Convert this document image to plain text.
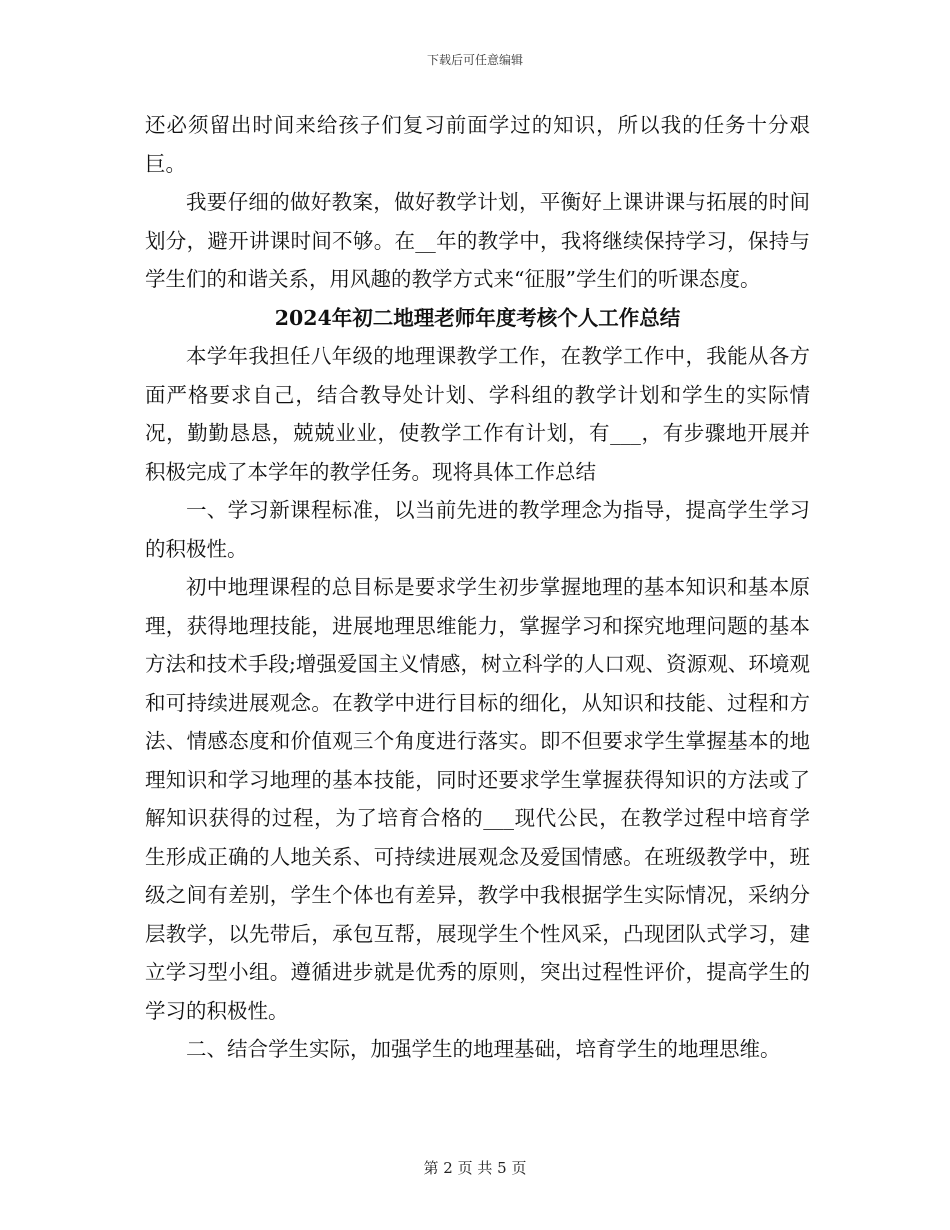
下载后可任意编辑

还必须留出时间来给孩子们复习前面学过的知识，所以我的任务十分艰巨。

我要仔细的做好教案，做好教学计划，平衡好上课讲课与拓展的时间划分，避开讲课时间不够。在__年的教学中，我将继续保持学习，保持与学生们的和谐关系，用风趣的教学方式来“征服”学生们的听课态度。

2024年初二地理老师年度考核个人工作总结

本学年我担任八年级的地理课教学工作，在教学工作中，我能从各方面严格要求自己，结合教导处计划、学科组的教学计划和学生的实际情况，勤勤恳恳，兢兢业业，使教学工作有计划，有___，有步骤地开展并积极完成了本学年的教学任务。现将具体工作总结

一、学习新课程标准，以当前先进的教学理念为指导，提高学生学习的积极性。

初中地理课程的总目标是要求学生初步掌握地理的基本知识和基本原理，获得地理技能，进展地理思维能力，掌握学习和探究地理问题的基本方法和技术手段;增强爱国主义情感，树立科学的人口观、资源观、环境观和可持续进展观念。在教学中进行目标的细化，从知识和技能、过程和方法、情感态度和价值观三个角度进行落实。即不但要求学生掌握基本的地理知识和学习地理的基本技能，同时还要求学生掌握获得知识的方法或了解知识获得的过程，为了培育合格的___现代公民，在教学过程中培育学生形成正确的人地关系、可持续进展观念及爱国情感。在班级教学中，班级之间有差别，学生个体也有差异，教学中我根据学生实际情况，采纳分层教学，以先带后，承包互帮，展现学生个性风采，凸现团队式学习，建立学习型小组。遵循进步就是优秀的原则，突出过程性评价，提高学生的学习的积极性。

二、结合学生实际，加强学生的地理基础，培育学生的地理思维。

第 2 页 共 5 页
